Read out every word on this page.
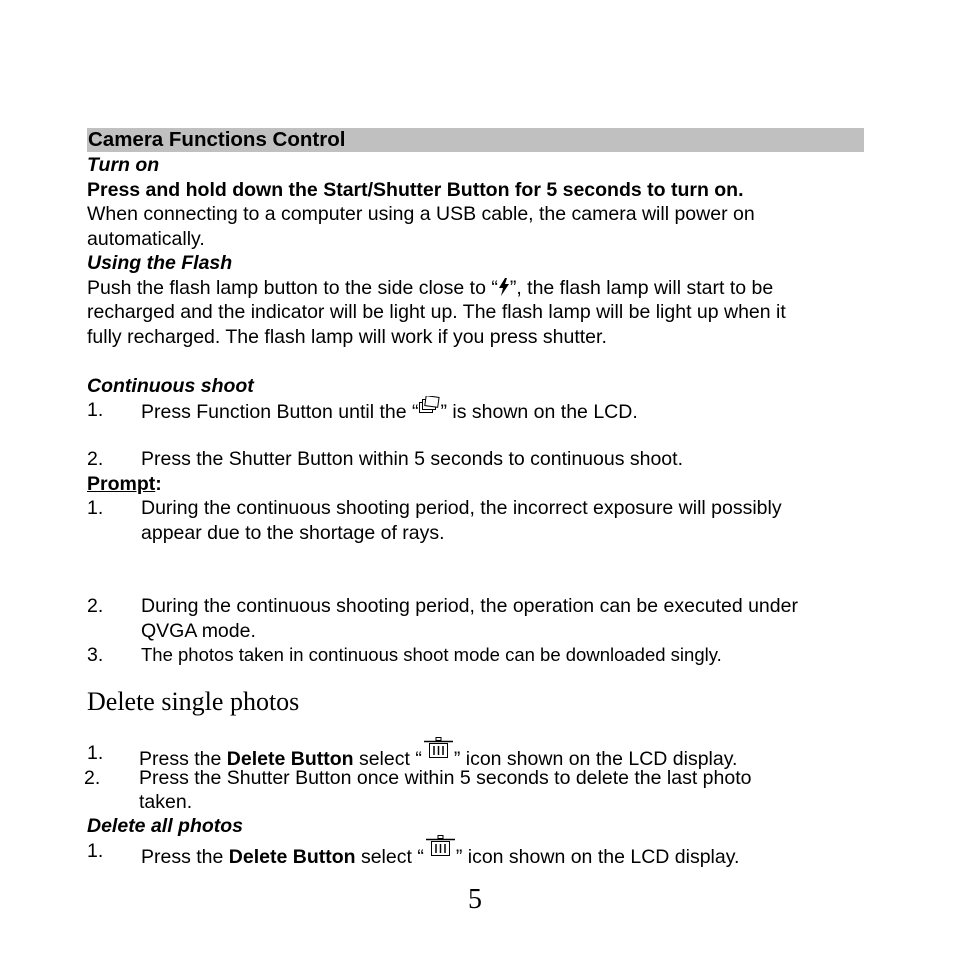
Camera Functions Control
Turn on
Press and hold down the Start/Shutter Button for 5 seconds to turn on.
When connecting to a computer using a USB cable, the camera will power on
automatically.
Using the Flash
Push the flash lamp button to the side close to “ ”, the flash lamp will start to be
recharged and the indicator will be light up. The flash lamp will be light up when it
fully recharged. The flash lamp will work if you press shutter.
Continuous shoot
1. Press Function Button until the “ ” is shown on the LCD.
2. Press the Shutter Button within 5 seconds to continuous shoot.
Prompt:
1. During the continuous shooting period, the incorrect exposure will possibly
appear due to the shortage of rays.
2. During the continuous shooting period, the operation can be executed under
QVGA mode.
3. The photos taken in continuous shoot mode can be downloaded singly.
Delete single photos
1. Press the Delete Button select “ ” icon shown on the LCD display.
2. Press the Shutter Button once within 5 seconds to delete the last photo
taken.
Delete all photos
1. Press the Delete Button select “ ” icon shown on the LCD display.
5
